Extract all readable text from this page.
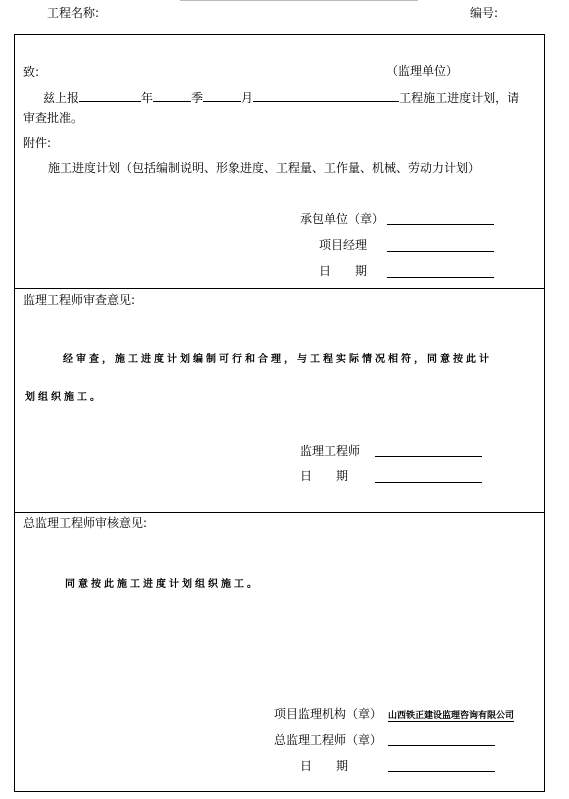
工程名称:	编号:
致:	（监理单位）
兹上报	年	季	月	工程施工进度计划，请
审查批准。
附件:
施工进度计划（包括编制说明、形象进度、工程量、工作量、机械、劳动力计划）
承包单位（章）
项目经理
日　　期
监理工程师审查意见:
经审查，施工进度计划编制可行和合理，与工程实际情况相符，同意按此计
划组织施工。
监理工程师
日　　期
总监理工程师审核意见:
同意按此施工进度计划组织施工。
项目监理机构（章） 山西铁正建设监理咨询有限公司
总监理工程师（章）
日　　期
